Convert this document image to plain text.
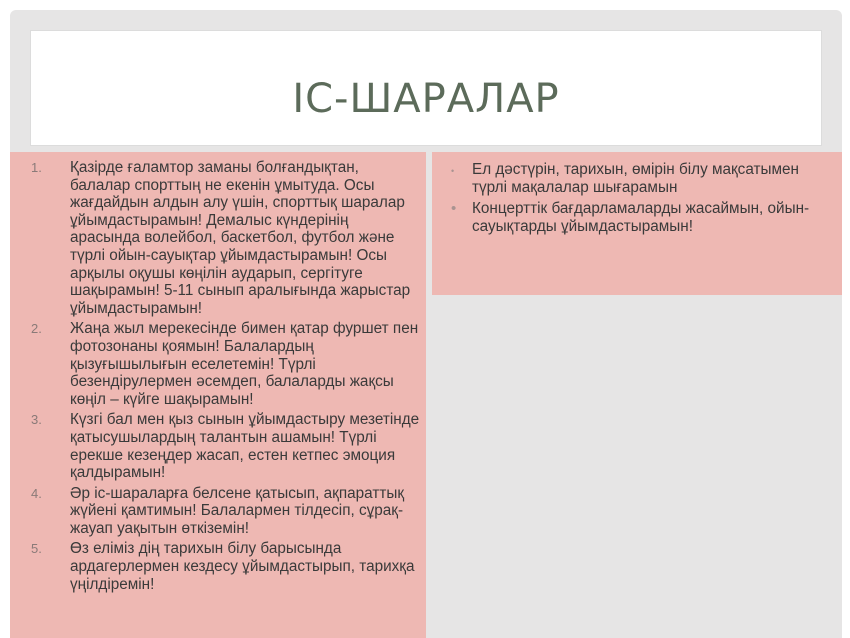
ІС-ШАРАЛАР
1. Қазірде ғаламтор заманы болғандықтан, балалар спорттың не екенін ұмытуда. Осы жағдайдын алдын алу үшін, спорттық шаралар ұйымдастырамын! Демалыс күндерінің арасында волейбол, баскетбол, футбол және түрлі ойын-сауықтар ұйымдастырамын! Осы арқылы оқушы көңілін аударып, сергітуге шақырамын! 5-11 сынып аралығында жарыстар ұйымдастырамын!
2. Жаңа жыл мерекесінде бимен қатар фуршет пен фотозонаны қоямын! Балалардың қызуғышылығын еселетемін! Түрлі безендірулермен әсемдеп, балаларды жақсы көңіл – күйге шақырамын!
3. Күзгі бал мен қыз сынын ұйымдастыру мезетінде қатысушылардың талантын ашамын! Түрлі ерекше кезеңдер жасап, естен кетпес эмоция қалдырамын!
4. Әр іс-шараларға белсене қатысып, ақпараттық жүйені қамтимын! Балалармен тілдесіп, сұрақ-жауап уақытын өткіземін!
5. Өз еліміз дің тарихын білу барысында ардагерлермен кездесу ұйымдастырып, тарихқа үңілдіремін!
• Ел дәстүрін, тарихын, өмірін білу мақсатымен түрлі мақалалар шығарамын
• Концерттік бағдарламаларды жасаймын, ойын-сауықтарды ұйымдастырамын!
